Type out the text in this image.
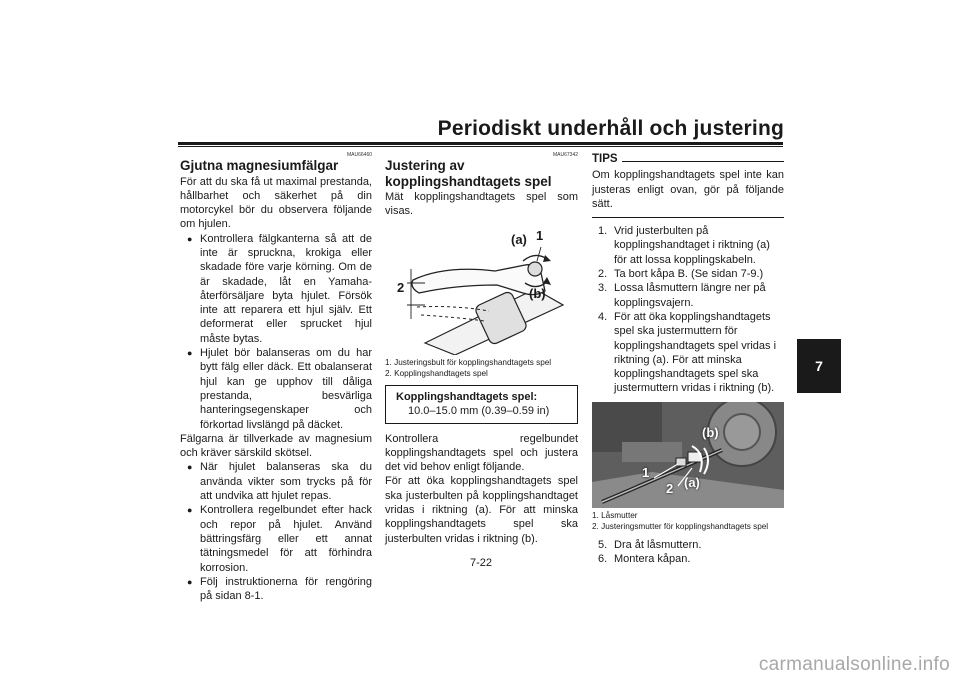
Periodiskt underhåll och justering
7
MAU66460
Gjutna magnesiumfälgar

För att du ska få ut maximal prestanda, hållbarhet och säkerhet på din motorcykel bör du observera följande om hjulen.

● Kontrollera fälgkanterna så att de inte är spruckna, krokiga eller skadade före varje körning. Om de är skadade, låt en Yamaha-återförsäljare byta hjulet. Försök inte att reparera ett hjul själv. Ett deformerat eller sprucket hjul måste bytas.
● Hjulet bör balanseras om du har bytt fälg eller däck. Ett obalanserat hjul kan ge upphov till dåliga prestanda, besvärliga hanteringsegenskaper och förkortad livslängd på däcket.

Fälgarna är tillverkade av magnesium och kräver särskild skötsel.

● När hjulet balanseras ska du använda vikter som trycks på för att undvika att hjulet repas.
● Kontrollera regelbundet efter hack och repor på hjulet. Använd bättringsfärg eller ett annat tätningsmedel för att förhindra korrosion.
● Följ instruktionerna för rengöring på sidan 8-1.
MAU67342
Justering av kopplingshandtagets spel

Mät kopplingshandtagets spel som visas.

(a) 1
(b)
2
1. Justeringsbult för kopplingshandtagets spel
2. Kopplingshandtagets spel
Kopplingshandtagets spel:
10.0–15.0 mm (0.39–0.59 in)

Kontrollera regelbundet kopplingshandtagets spel och justera det vid behov enligt följande.

För att öka kopplingshandtagets spel ska justerbulten på kopplingshandtaget vridas i riktning (a). För att minska kopplingshandtagets spel ska justerbulten vridas i riktning (b).

TIPS

Om kopplingshandtagets spel inte kan justeras enligt ovan, gör på följande sätt.

1. Vrid justerbulten på kopplingshandtaget i riktning (a) för att lossa kopplingskabeln.
2. Ta bort kåpa B. (Se sidan 7-9.)
3. Lossa låsmuttern längre ner på kopplingsvajern.
4. För att öka kopplingshandtagets spel ska justermuttern för kopplingshandtagets spel vridas i riktning (a). För att minska kopplingshandtagets spel ska justermuttern vridas i riktning (b).
(b)
(a)
1
2
1. Låsmutter
2. Justeringsmutter för kopplingshandtagets spel
5. Dra åt låsmuttern.
6. Montera kåpan.
7-22
carmanualsonline.info
